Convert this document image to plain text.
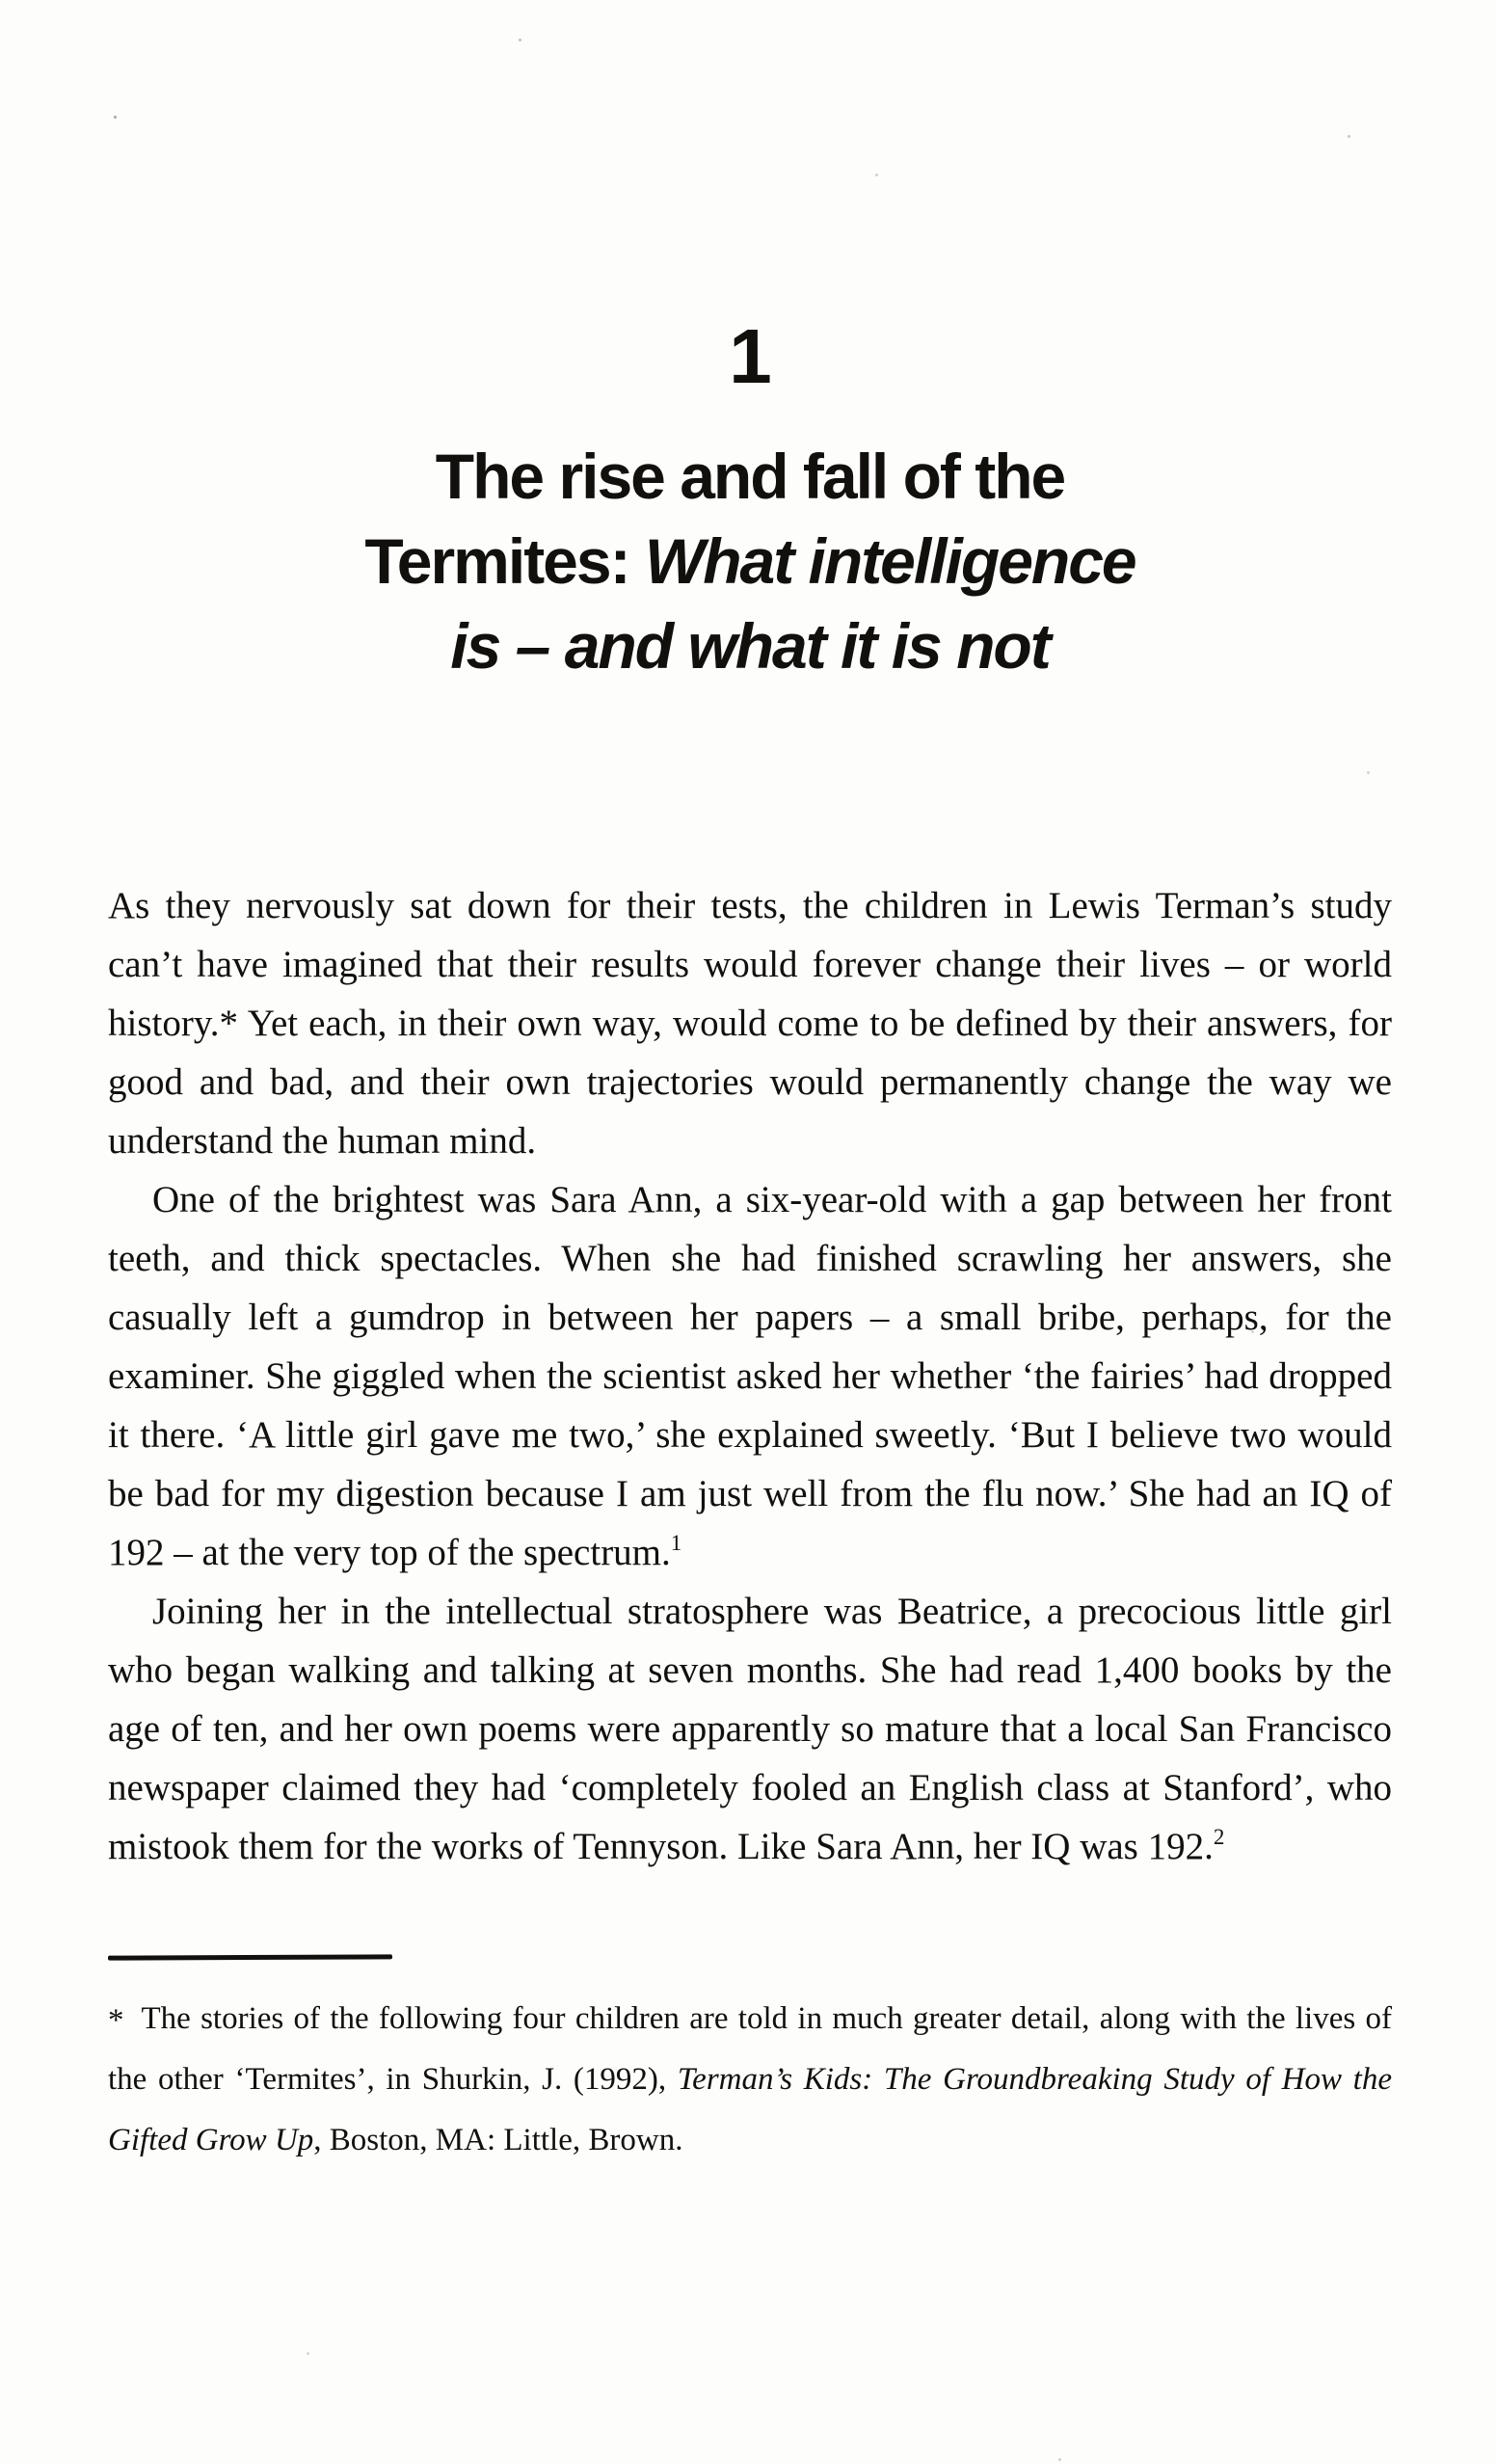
1
The rise and fall of the
Termites: What intelligence
is – and what it is not

As they nervously sat down for their tests, the children in Lewis Terman’s study can’t have imagined that their results would forever change their lives – or world history.* Yet each, in their own way, would come to be defined by their answers, for good and bad, and their own trajectories would permanently change the way we understand the human mind.

One of the brightest was Sara Ann, a six-year-old with a gap between her front teeth, and thick spectacles. When she had finished scrawling her answers, she casually left a gumdrop in between her papers – a small bribe, perhaps, for the examiner. She giggled when the scientist asked her whether ‘the fairies’ had dropped it there. ‘A little girl gave me two,’ she explained sweetly. ‘But I believe two would be bad for my digestion because I am just well from the flu now.’ She had an IQ of 192 – at the very top of the spectrum.$^1$

Joining her in the intellectual stratosphere was Beatrice, a precocious little girl who began walking and talking at seven months. She had read 1,400 books by the age of ten, and her own poems were apparently so mature that a local San Francisco newspaper claimed they had ‘completely fooled an English class at Stanford’, who mistook them for the works of Tennyson. Like Sara Ann, her IQ was 192.$^2$

* The stories of the following four children are told in much greater detail, along with the lives of the other ‘Termites’, in Shurkin, J. (1992), Terman’s Kids: The Groundbreaking Study of How the Gifted Grow Up, Boston, MA: Little, Brown.
